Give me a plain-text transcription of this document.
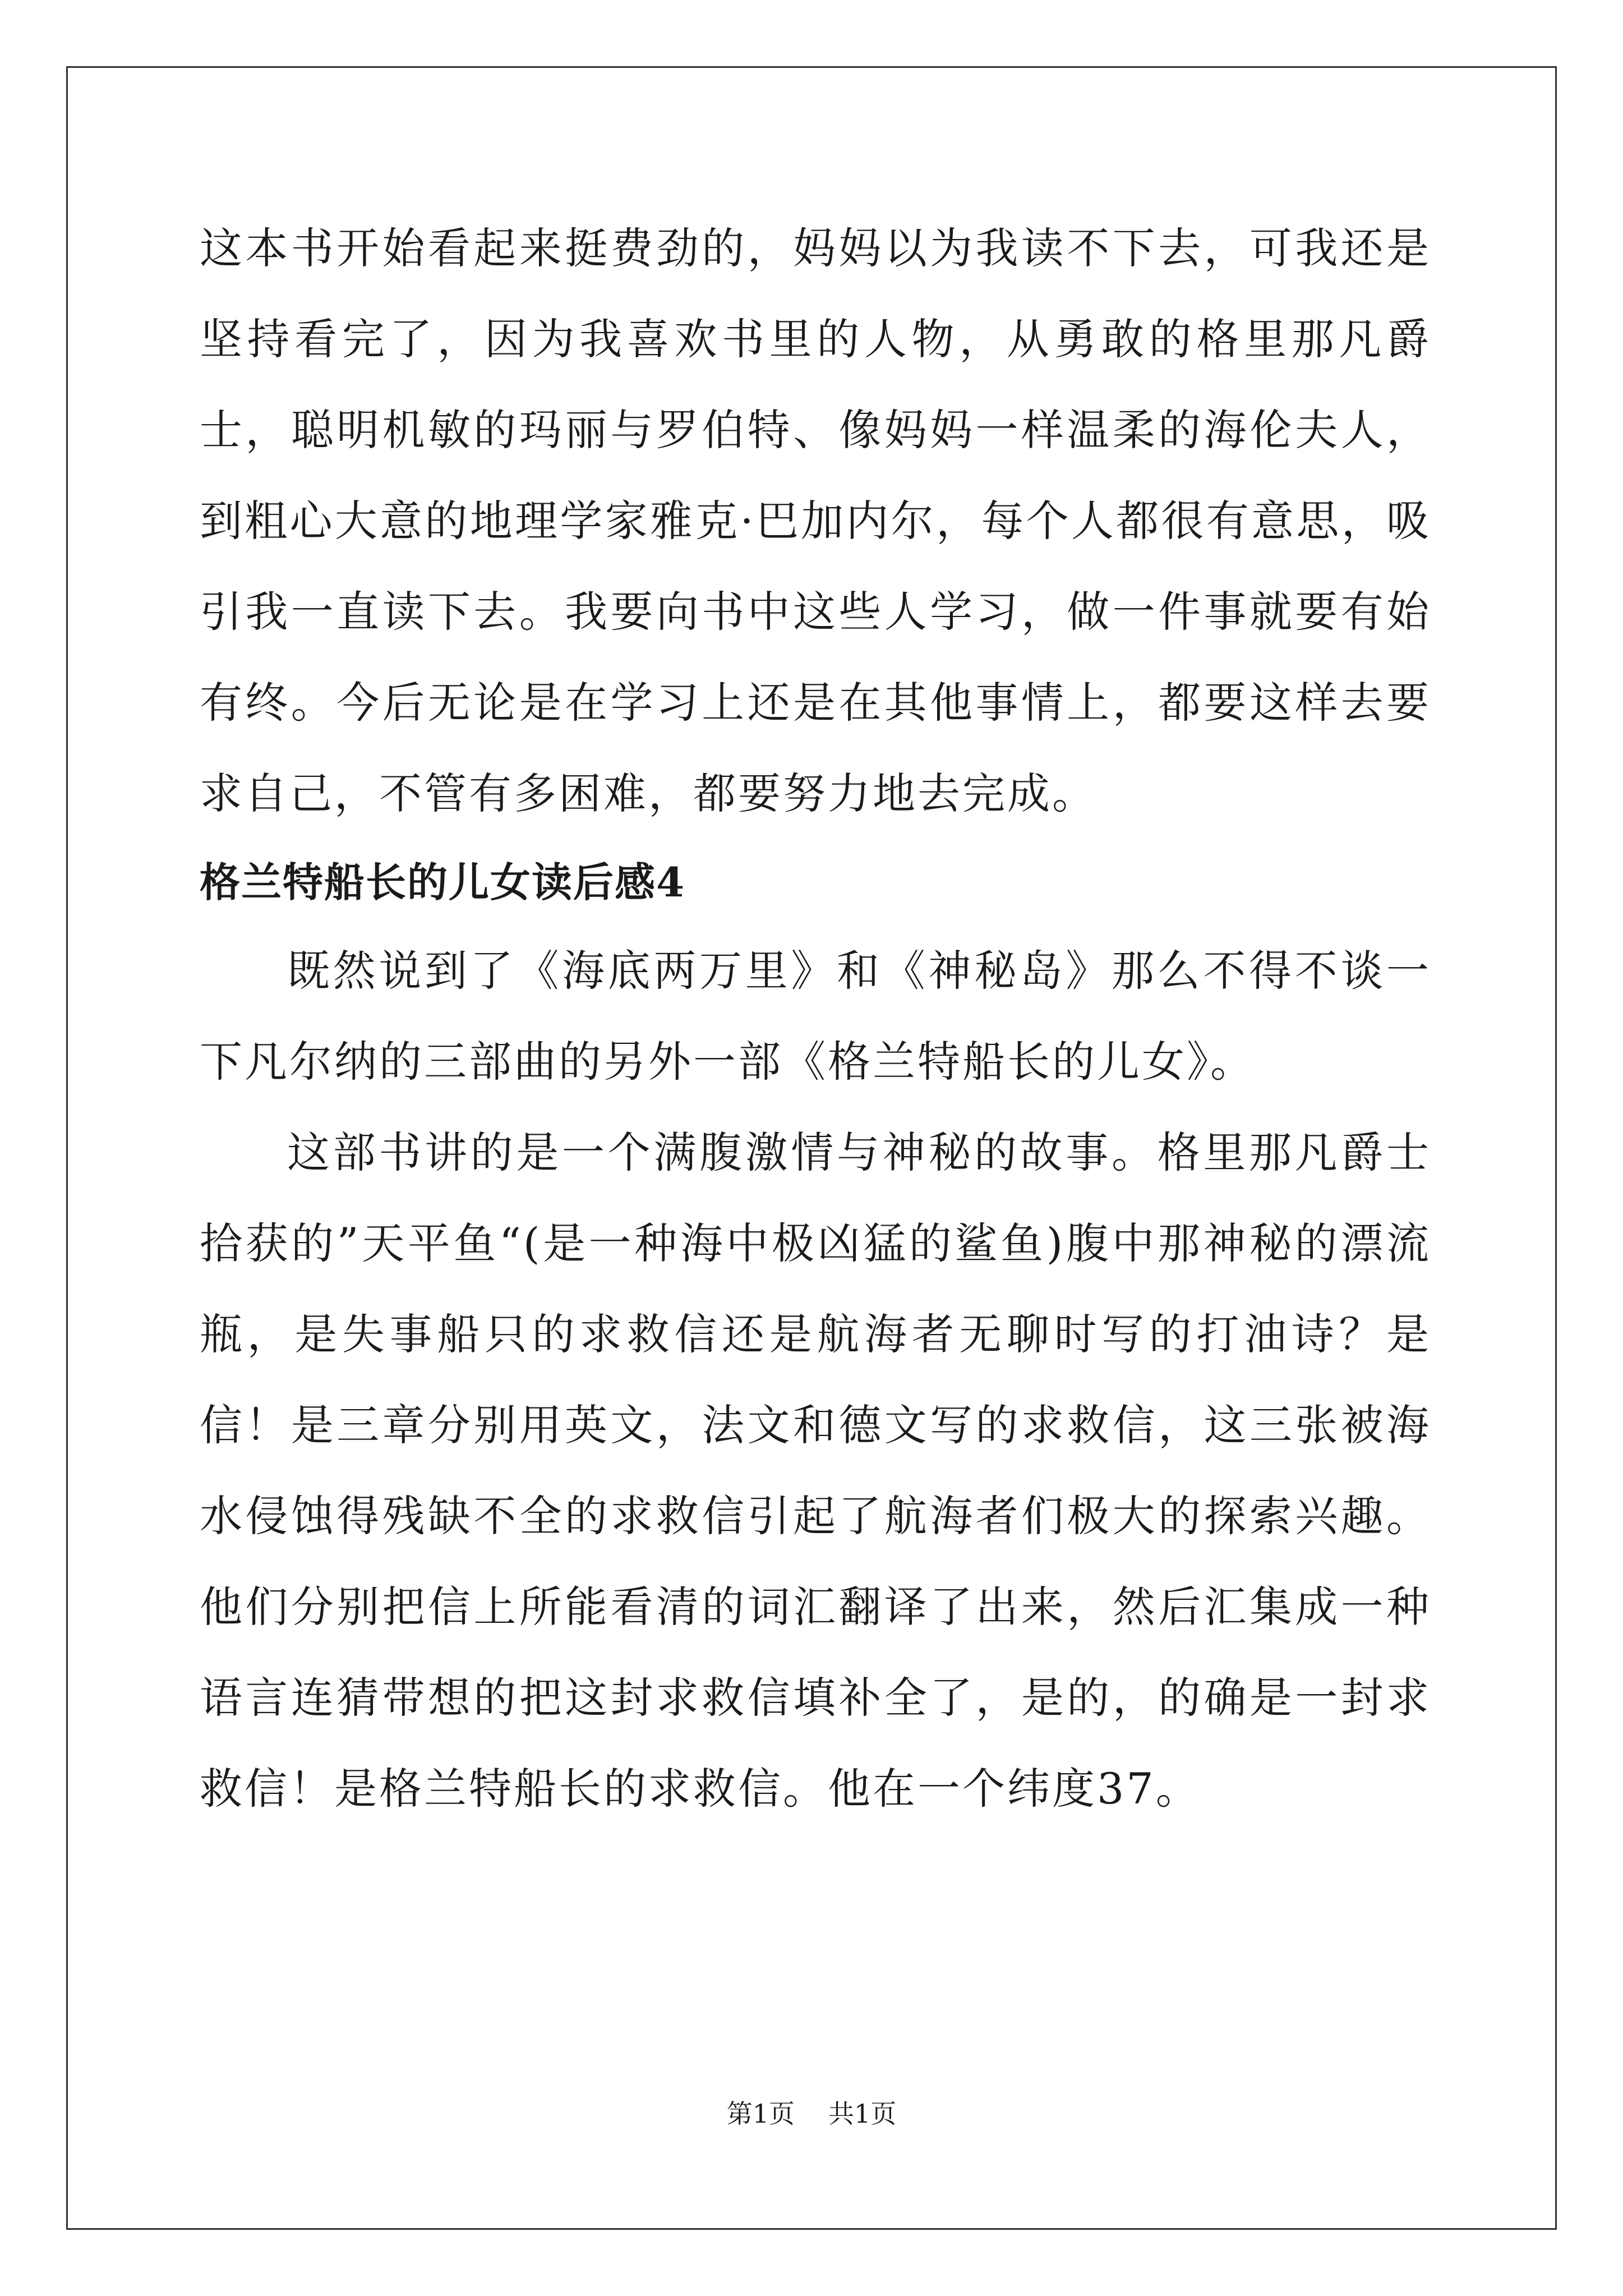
这本书开始看起来挺费劲的，妈妈以为我读不下去，可我还是坚持看完了，因为我喜欢书里的人物，从勇敢的格里那凡爵士，聪明机敏的玛丽与罗伯特、像妈妈一样温柔的海伦夫人，到粗心大意的地理学家雅克·巴加内尔，每个人都很有意思，吸引我一直读下去。我要向书中这些人学习，做一件事就要有始有终。今后无论是在学习上还是在其他事情上，都要这样去要求自己，不管有多困难，都要努力地去完成。

格兰特船长的儿女读后感4

既然说到了《海底两万里》和《神秘岛》那么不得不谈一下凡尔纳的三部曲的另外一部《格兰特船长的儿女》。

这部书讲的是一个满腹激情与神秘的故事。格里那凡爵士拾获的”天平鱼“(是一种海中极凶猛的鲨鱼)腹中那神秘的漂流瓶，是失事船只的求救信还是航海者无聊时写的打油诗？是信！是三章分别用英文，法文和德文写的求救信，这三张被海水侵蚀得残缺不全的求救信引起了航海者们极大的探索兴趣。他们分别把信上所能看清的词汇翻译了出来，然后汇集成一种语言连猜带想的把这封求救信填补全了，是的，的确是一封求救信！是格兰特船长的求救信。他在一个纬度37。

第1页 共1页
